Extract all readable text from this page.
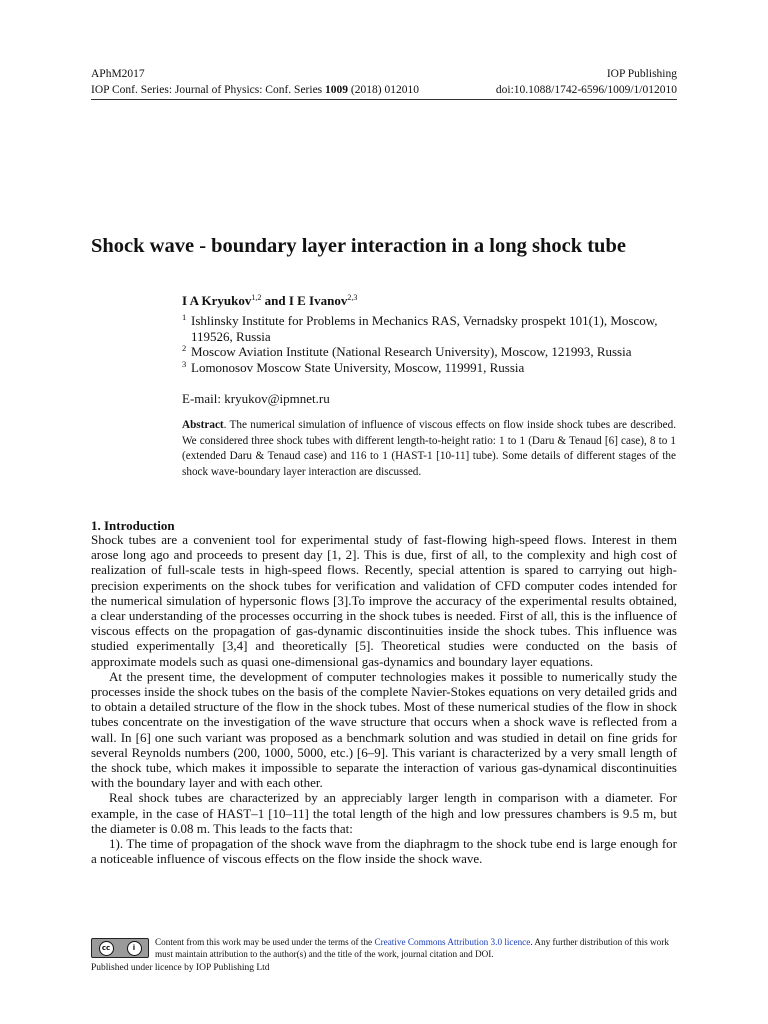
APhM2017	IOP Publishing
IOP Conf. Series: Journal of Physics: Conf. Series 1009 (2018) 012010	doi:10.1088/1742-6596/1009/1/012010
Shock wave - boundary layer interaction in a long shock tube
I A Kryukov$^{1,2}$ and I E Ivanov$^{2,3}$
1 Ishlinsky Institute for Problems in Mechanics RAS, Vernadsky prospekt 101(1), Moscow, 119526, Russia
2 Moscow Aviation Institute (National Research University), Moscow, 121993, Russia
3 Lomonosov Moscow State University, Moscow, 119991, Russia
E-mail: kryukov@ipmnet.ru

Abstract. The numerical simulation of influence of viscous effects on flow inside shock tubes are described. We considered three shock tubes with different length-to-height ratio: 1 to 1 (Daru & Tenaud [6] case), 8 to 1 (extended Daru & Tenaud case) and 116 to 1 (HAST-1 [10-11] tube). Some details of different stages of the shock wave-boundary layer interaction are discussed.

1. Introduction

Shock tubes are a convenient tool for experimental study of fast-flowing high-speed flows. Interest in them arose long ago and proceeds to present day [1, 2]. This is due, first of all, to the complexity and high cost of realization of full-scale tests in high-speed flows. Recently, special attention is spared to carrying out high-precision experiments on the shock tubes for verification and validation of CFD computer codes intended for the numerical simulation of hypersonic flows [3].To improve the accuracy of the experimental results obtained, a clear understanding of the processes occurring in the shock tubes is needed. First of all, this is the influence of viscous effects on the propagation of gas-dynamic discontinuities inside the shock tubes. This influence was studied experimentally [3,4] and theoretically [5]. Theoretical studies were conducted on the basis of approximate models such as quasi one-dimensional gas-dynamics and boundary layer equations.

At the present time, the development of computer technologies makes it possible to numerically study the processes inside the shock tubes on the basis of the complete Navier-Stokes equations on very detailed grids and to obtain a detailed structure of the flow in the shock tubes. Most of these numerical studies of the flow in shock tubes concentrate on the investigation of the wave structure that occurs when a shock wave is reflected from a wall. In [6] one such variant was proposed as a benchmark solution and was studied in detail on fine grids for several Reynolds numbers (200, 1000, 5000, etc.) [6–9]. This variant is characterized by a very small length of the shock tube, which makes it impossible to separate the interaction of various gas-dynamical discontinuities with the boundary layer and with each other.

Real shock tubes are characterized by an appreciably larger length in comparison with a diameter. For example, in the case of HAST–1 [10–11] the total length of the high and low pressures chambers is 9.5 m, but the diameter is 0.08 m. This leads to the facts that:

1). The time of propagation of the shock wave from the diaphragm to the shock tube end is large enough for a noticeable influence of viscous effects on the flow inside the shock wave.

cc	i
Content from this work may be used under the terms of the Creative Commons Attribution 3.0 licence. Any further distribution of this work must maintain attribution to the author(s) and the title of the work, journal citation and DOI.
Published under licence by IOP Publishing Ltd
